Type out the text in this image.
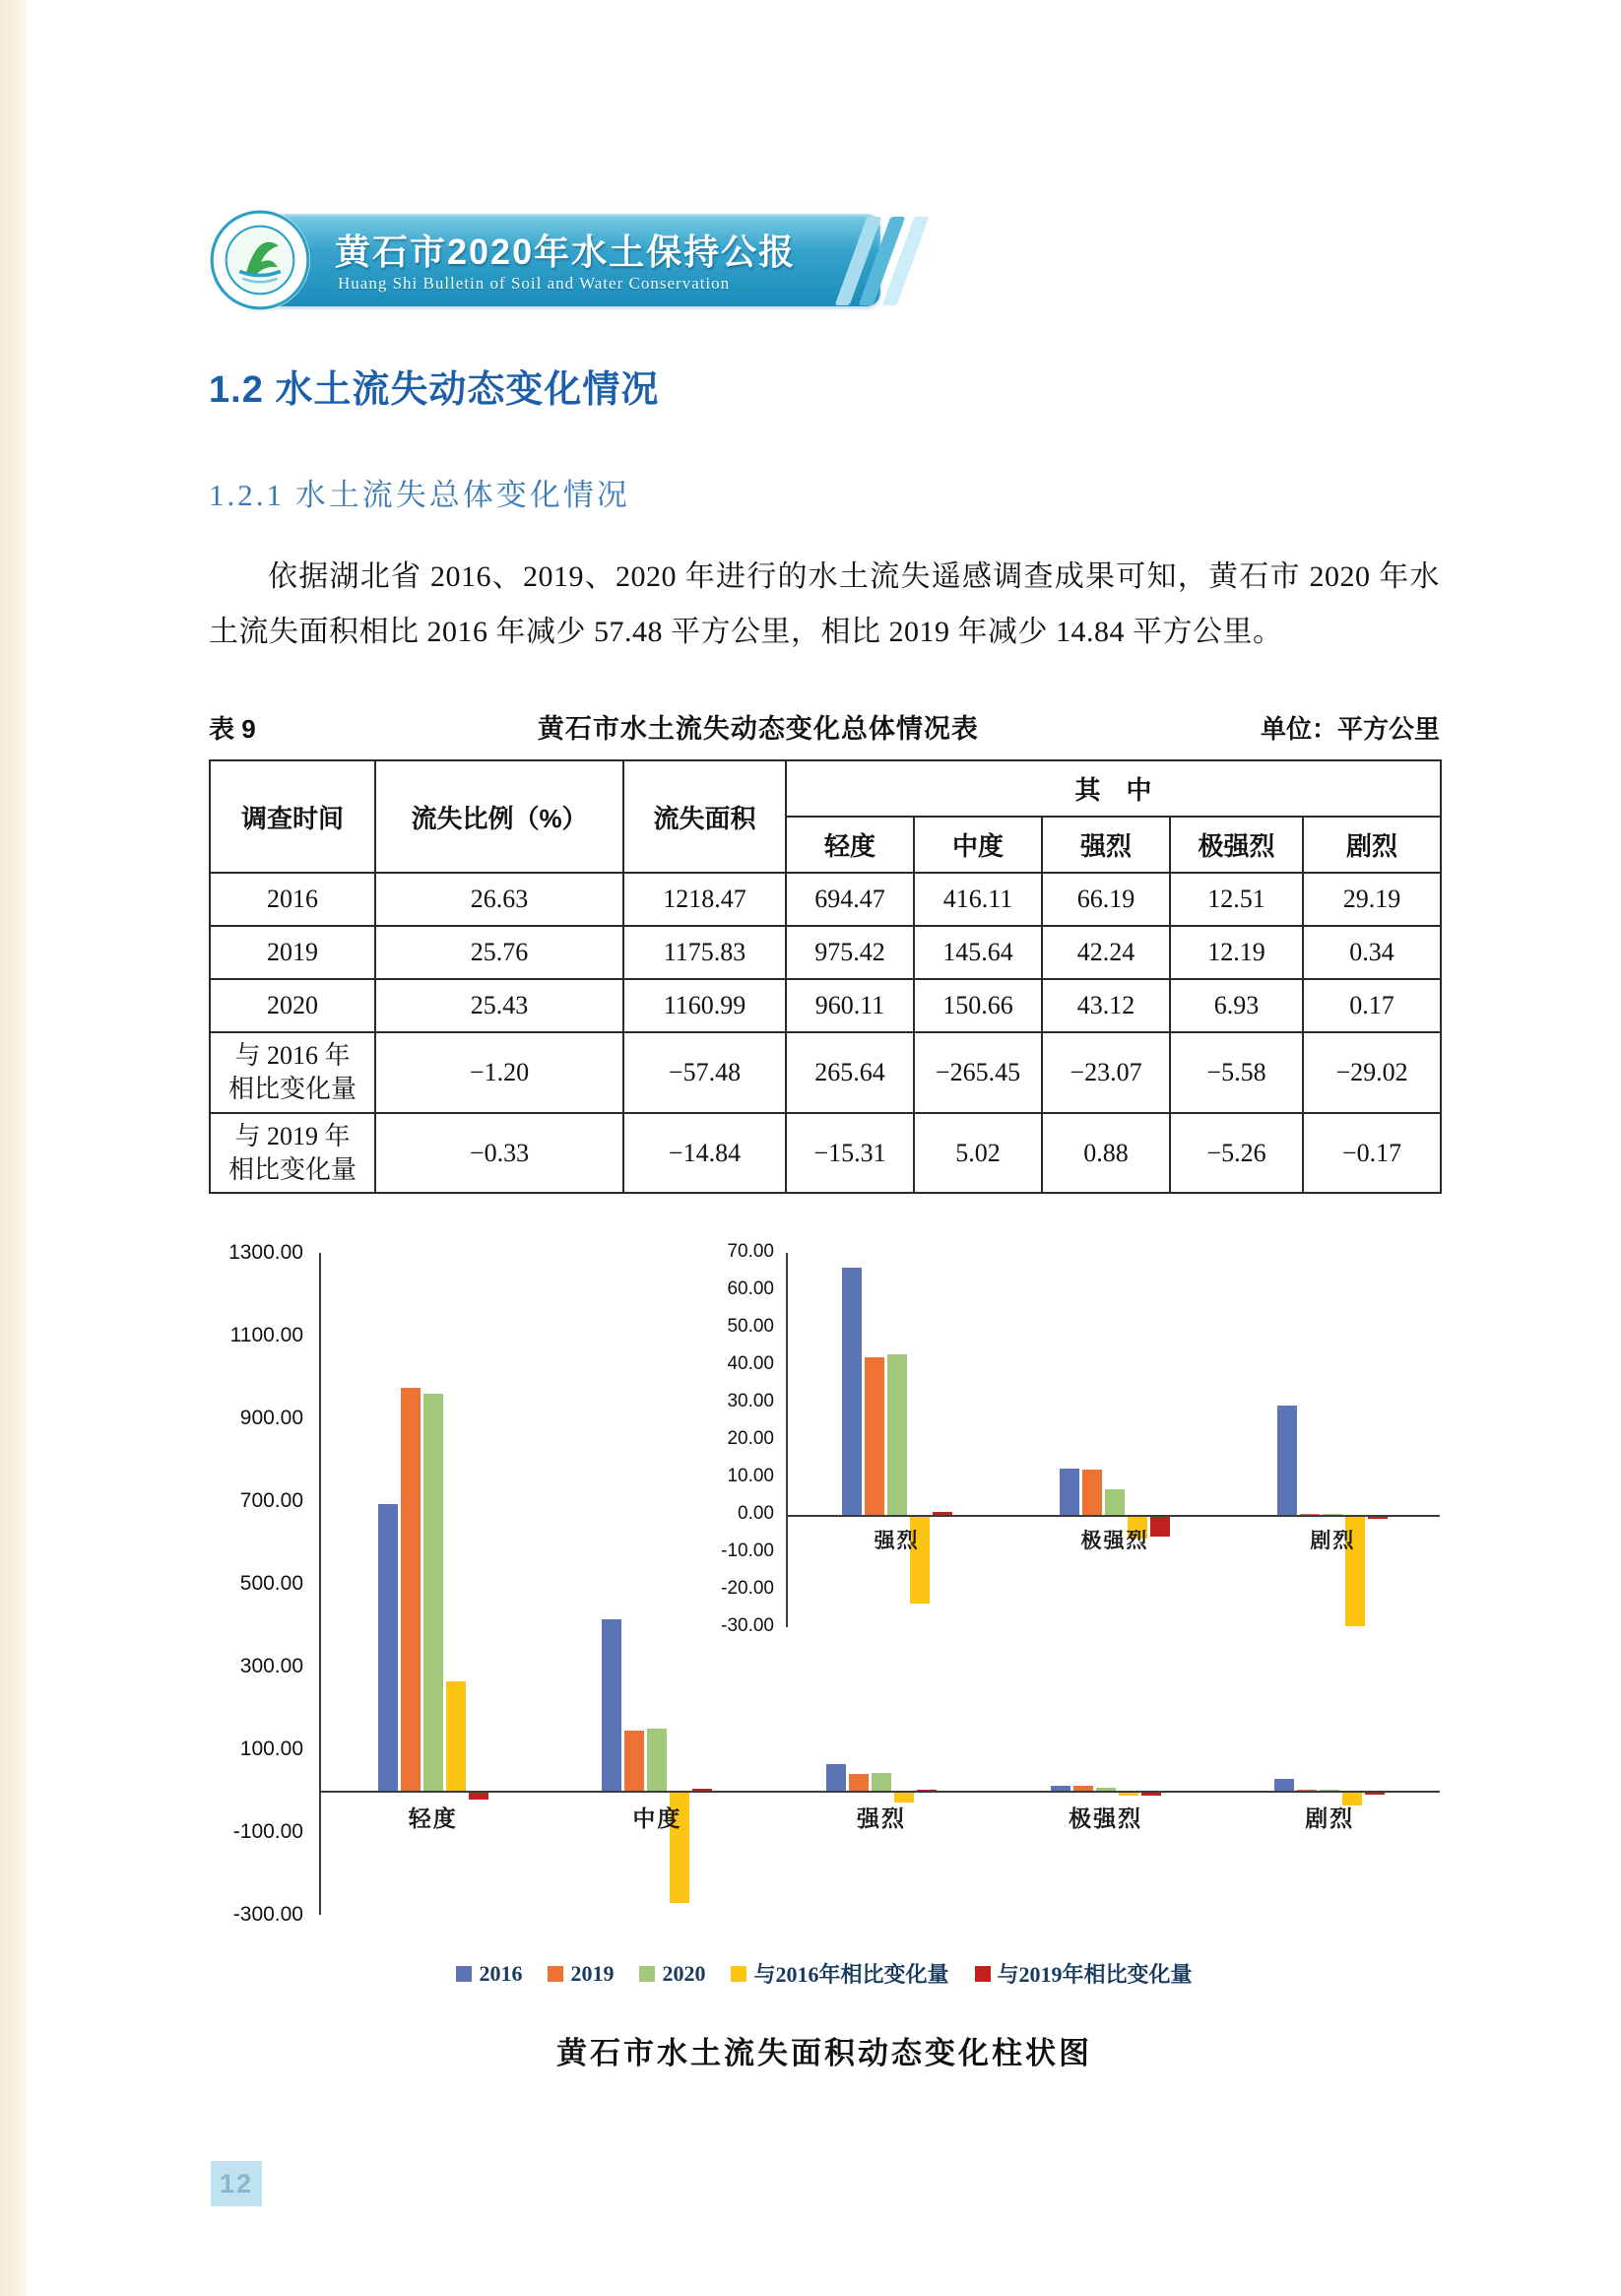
黄石市2020年水土保持公报
Huang Shi Bulletin of Soil and Water Conservation
1.2 水土流失动态变化情况
1.2.1 水土流失总体变化情况

依据湖北省 2016、2019、2020 年进行的水土流失遥感调查成果可知，黄石市 2020 年水土流失面积相比 2016 年减少 57.48 平方公里，相比 2019 年减少 14.84 平方公里。

表 9	黄石市水土流失动态变化总体情况表	单位：平方公里
调查时间	流失比例（%）	流失面积	其　中				
			轻度	中度	强烈	极强烈	剧烈
2016	26.63	1218.47	694.47	416.11	66.19	12.51	29.19
2019	25.76	1175.83	975.42	145.64	42.24	12.19	0.34
2020	25.43	1160.99	960.11	150.66	43.12	6.93	0.17
与 2016 年相比变化量	−1.20	−57.48	265.64	−265.45	−23.07	−5.58	−29.02
与 2019 年相比变化量	−0.33	−14.84	−15.31	5.02	0.88	−5.26	−0.17
1300.00
1100.00
900.00
700.00
500.00
300.00
100.00
-100.00
-300.00
轻度	中度	强烈	极强烈	剧烈
70.00
60.00
50.00
40.00
30.00
20.00
10.00
0.00
-10.00
-20.00
-30.00
强烈	极强烈	剧烈
2016	2019	2020	与2016年相比变化量	与2019年相比变化量
黄石市水土流失面积动态变化柱状图
12
